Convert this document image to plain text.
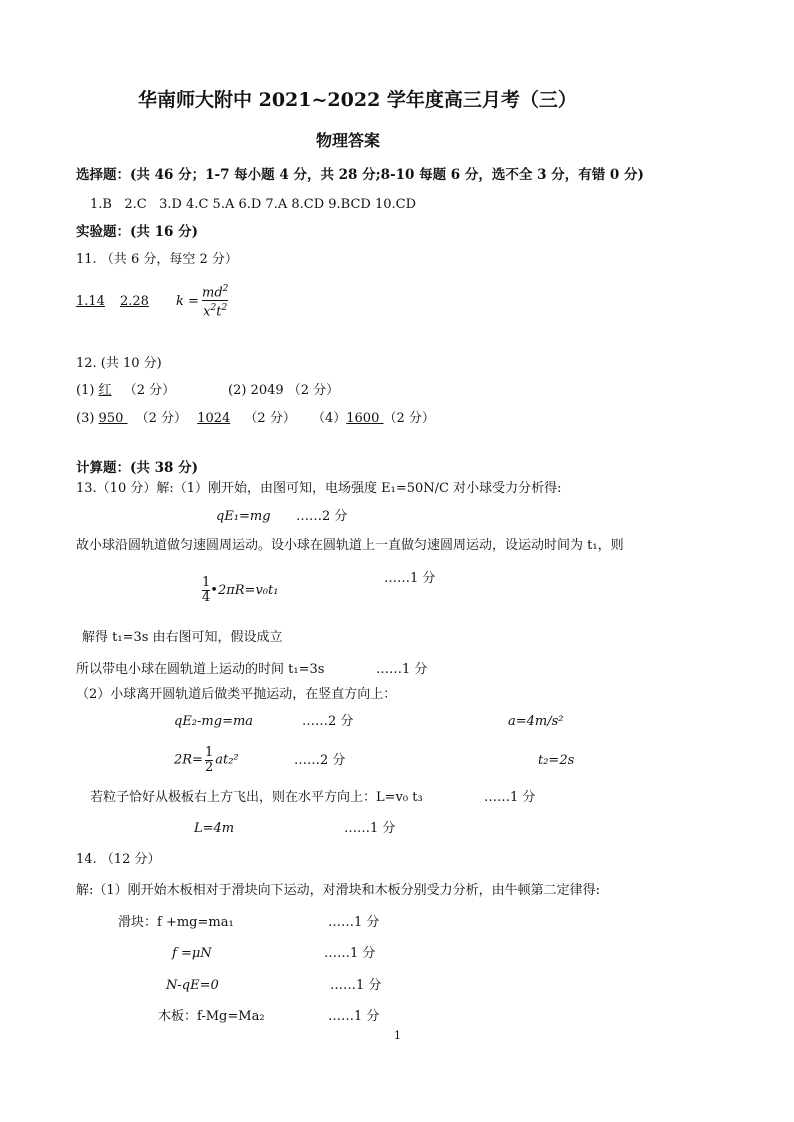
华南师大附中 2021~2022 学年度高三月考（三）
物理答案
选择题：(共 46 分；1-7 每小题 4 分，共 28 分;8-10 每题 6 分，选不全 3 分，有错 0 分)
1.B   2.C   3.D 4.C 5.A 6.D 7.A 8.CD 9.BCD 10.CD
实验题：(共 16 分)
11. （共 6 分，每空 2 分）
1.14 2.28 $k = \frac{md^2}{x^2t^2}$
12. (共 10 分)
(1) 红 （2 分）	(2) 2049 （2 分）
(3) 950  （2 分） 1024 （2 分） （4）1600 （2 分）
计算题：(共 38 分)
13.（10 分）解:（1）刚开始，由图可知，电场强度 E₁=50N/C 对小球受力分析得:
qE₁=mg ……2 分
故小球沿圆轨道做匀速圆周运动。设小球在圆轨道上一直做匀速圆周运动，设运动时间为 t₁，则
$\frac{1}{4}$ •2πR=v₀t₁
……1 分
解得 t₁=3s 由右图可知，假设成立
所以带电小球在圆轨道上运动的时间 t₁=3s	……1 分
（2）小球离开圆轨道后做类平抛运动，在竖直方向上：
qE₂-mg=ma	……2 分	a=4m/s²
$2R= \frac{1}{2} at_2^2$	……2 分	t₂=2s
若粒子恰好从极板右上方飞出，则在水平方向上：L=v₀ t₃	……1 分
L=4m	……1 分
14. （12 分）
解:（1）刚开始木板相对于滑块向下运动，对滑块和木板分别受力分析，由牛顿第二定律得:
滑块：f +mg=ma₁	……1 分
f =μN	……1 分
N-qE=0	……1 分
木板：f-Mg=Ma₂	……1 分
1
